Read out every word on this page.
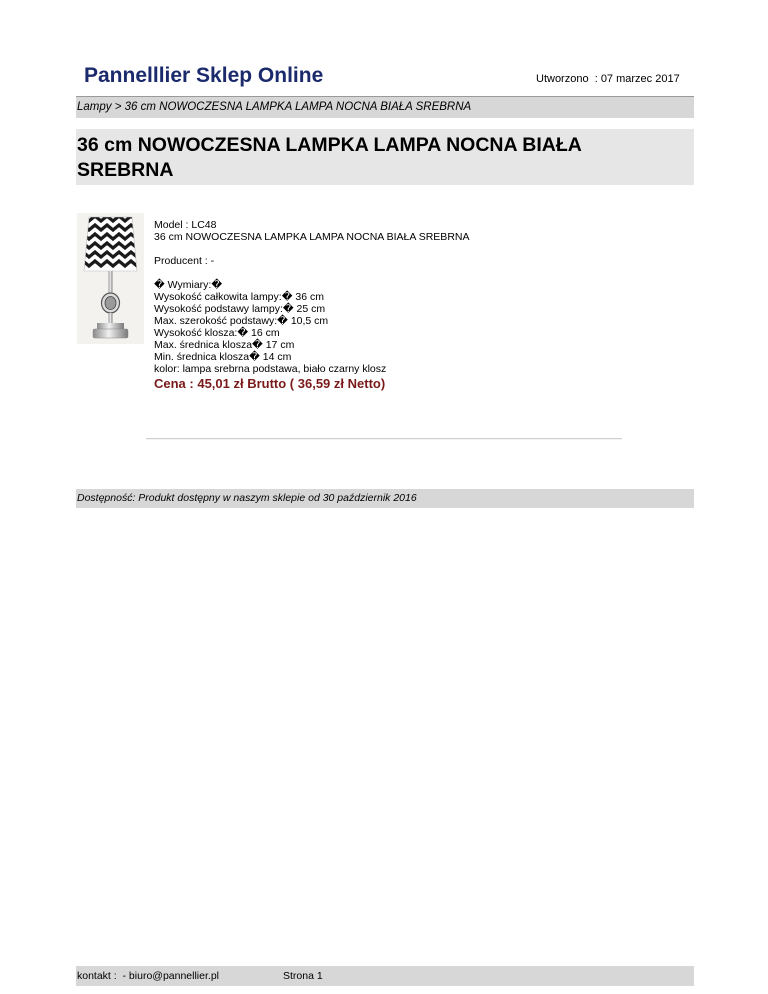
Pannelllier Sklep Online	Utworzono : 07 marzec 2017
Lampy > 36 cm NOWOCZESNA LAMPKA LAMPA NOCNA BIAŁA SREBRNA
36 cm NOWOCZESNA LAMPKA LAMPA NOCNA BIAŁA
SREBRNA
Model : LC48
36 cm NOWOCZESNA LAMPKA LAMPA NOCNA BIAŁA SREBRNA
Producent : -
� Wymiary:�
Wysokość całkowita lampy:� 36 cm
Wysokość podstawy lampy:� 25 cm
Max. szerokość podstawy:� 10,5 cm
Wysokość klosza:� 16 cm
Max. średnica klosza� 17 cm
Min. średnica klosza� 14 cm
kolor: lampa srebrna podstawa, biało czarny klosz
Cena : 45,01 zł Brutto ( 36,59 zł Netto)
Dostępność: Produkt dostępny w naszym sklepie od 30 październik 2016
kontakt :  - biuro@pannellier.pl	Strona 1
